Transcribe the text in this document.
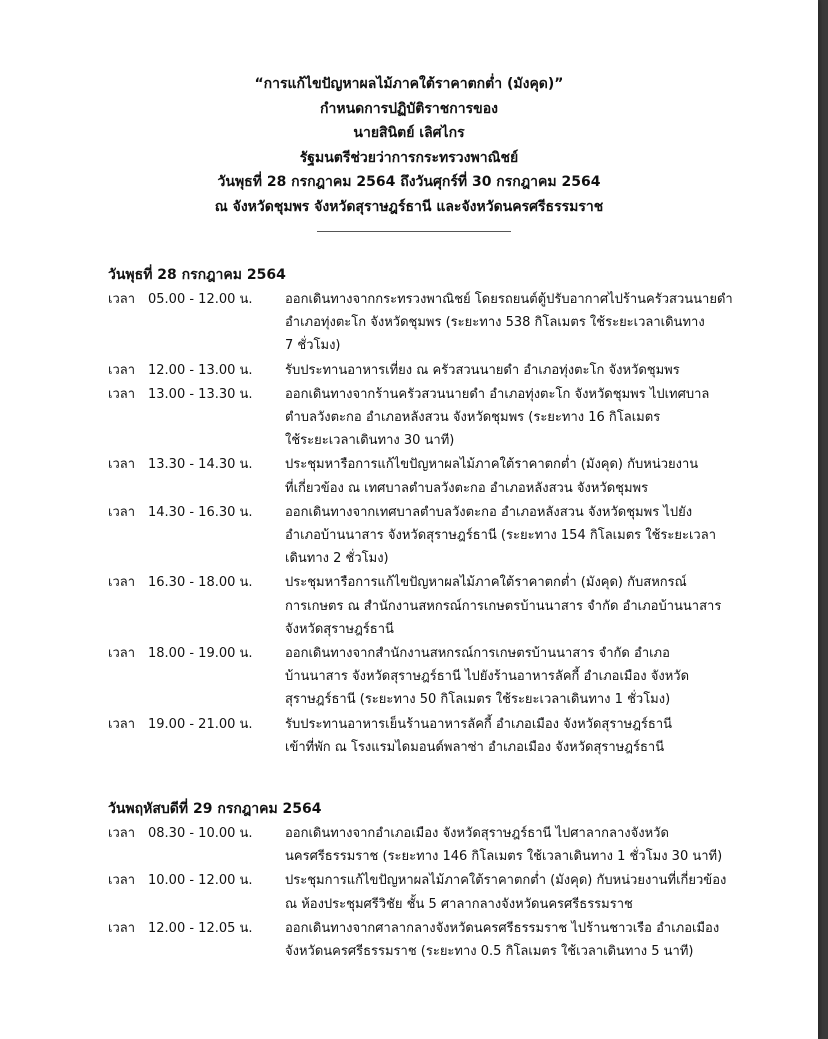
“การแก้ไขปัญหาผลไม้ภาคใต้ราคาตกต่ำ (มังคุด)”
กำหนดการปฏิบัติราชการของ
นายสินิตย์ เลิศไกร
รัฐมนตรีช่วยว่าการกระทรวงพาณิชย์
วันพุธที่ 28 กรกฎาคม 2564 ถึงวันศุกร์ที่ 30 กรกฎาคม 2564
ณ จังหวัดชุมพร จังหวัดสุราษฎร์ธานี และจังหวัดนครศรีธรรมราช
วันพุธที่ 28 กรกฎาคม 2564
เวลา 05.00 - 12.00 น. ออกเดินทางจากกระทรวงพาณิชย์ โดยรถยนต์ตู้ปรับอากาศไปร้านครัวสวนนายดำ
อำเภอทุ่งตะโก จังหวัดชุมพร (ระยะทาง 538 กิโลเมตร ใช้ระยะเวลาเดินทาง
7 ชั่วโมง)
เวลา 12.00 - 13.00 น. รับประทานอาหารเที่ยง ณ ครัวสวนนายดำ อำเภอทุ่งตะโก จังหวัดชุมพร
เวลา 13.00 - 13.30 น. ออกเดินทางจากร้านครัวสวนนายดำ อำเภอทุ่งตะโก จังหวัดชุมพร ไปเทศบาล
ตำบลวังตะกอ อำเภอหลังสวน จังหวัดชุมพร (ระยะทาง 16 กิโลเมตร
ใช้ระยะเวลาเดินทาง 30 นาที)
เวลา 13.30 - 14.30 น. ประชุมหารือการแก้ไขปัญหาผลไม้ภาคใต้ราคาตกต่ำ (มังคุด) กับหน่วยงาน
ที่เกี่ยวข้อง ณ เทศบาลตำบลวังตะกอ อำเภอหลังสวน จังหวัดชุมพร
เวลา 14.30 - 16.30 น. ออกเดินทางจากเทศบาลตำบลวังตะกอ อำเภอหลังสวน จังหวัดชุมพร ไปยัง
อำเภอบ้านนาสาร จังหวัดสุราษฎร์ธานี (ระยะทาง 154 กิโลเมตร ใช้ระยะเวลา
เดินทาง 2 ชั่วโมง)
เวลา 16.30 - 18.00 น. ประชุมหารือการแก้ไขปัญหาผลไม้ภาคใต้ราคาตกต่ำ (มังคุด) กับสหกรณ์
การเกษตร ณ สำนักงานสหกรณ์การเกษตรบ้านนาสาร จำกัด อำเภอบ้านนาสาร
จังหวัดสุราษฎร์ธานี
เวลา 18.00 - 19.00 น. ออกเดินทางจากสำนักงานสหกรณ์การเกษตรบ้านนาสาร จำกัด อำเภอ
บ้านนาสาร จังหวัดสุราษฎร์ธานี ไปยังร้านอาหารลัคกี้ อำเภอเมือง จังหวัด
สุราษฎร์ธานี (ระยะทาง 50 กิโลเมตร ใช้ระยะเวลาเดินทาง 1 ชั่วโมง)
เวลา 19.00 - 21.00 น. รับประทานอาหารเย็นร้านอาหารลัคกี้ อำเภอเมือง จังหวัดสุราษฎร์ธานี
เข้าที่พัก ณ โรงแรมไดมอนด์พลาซ่า อำเภอเมือง จังหวัดสุราษฎร์ธานี
วันพฤหัสบดีที่ 29 กรกฎาคม 2564
เวลา 08.30 - 10.00 น. ออกเดินทางจากอำเภอเมือง จังหวัดสุราษฎร์ธานี ไปศาลากลางจังหวัด
นครศรีธรรมราช (ระยะทาง 146 กิโลเมตร ใช้เวลาเดินทาง 1 ชั่วโมง 30 นาที)
เวลา 10.00 - 12.00 น. ประชุมการแก้ไขปัญหาผลไม้ภาคใต้ราคาตกต่ำ (มังคุด) กับหน่วยงานที่เกี่ยวข้อง
ณ ห้องประชุมศรีวิชัย ชั้น 5 ศาลากลางจังหวัดนครศรีธรรมราช
เวลา 12.00 - 12.05 น. ออกเดินทางจากศาลากลางจังหวัดนครศรีธรรมราช ไปร้านชาวเรือ อำเภอเมือง
จังหวัดนครศรีธรรมราช (ระยะทาง 0.5 กิโลเมตร ใช้เวลาเดินทาง 5 นาที)
